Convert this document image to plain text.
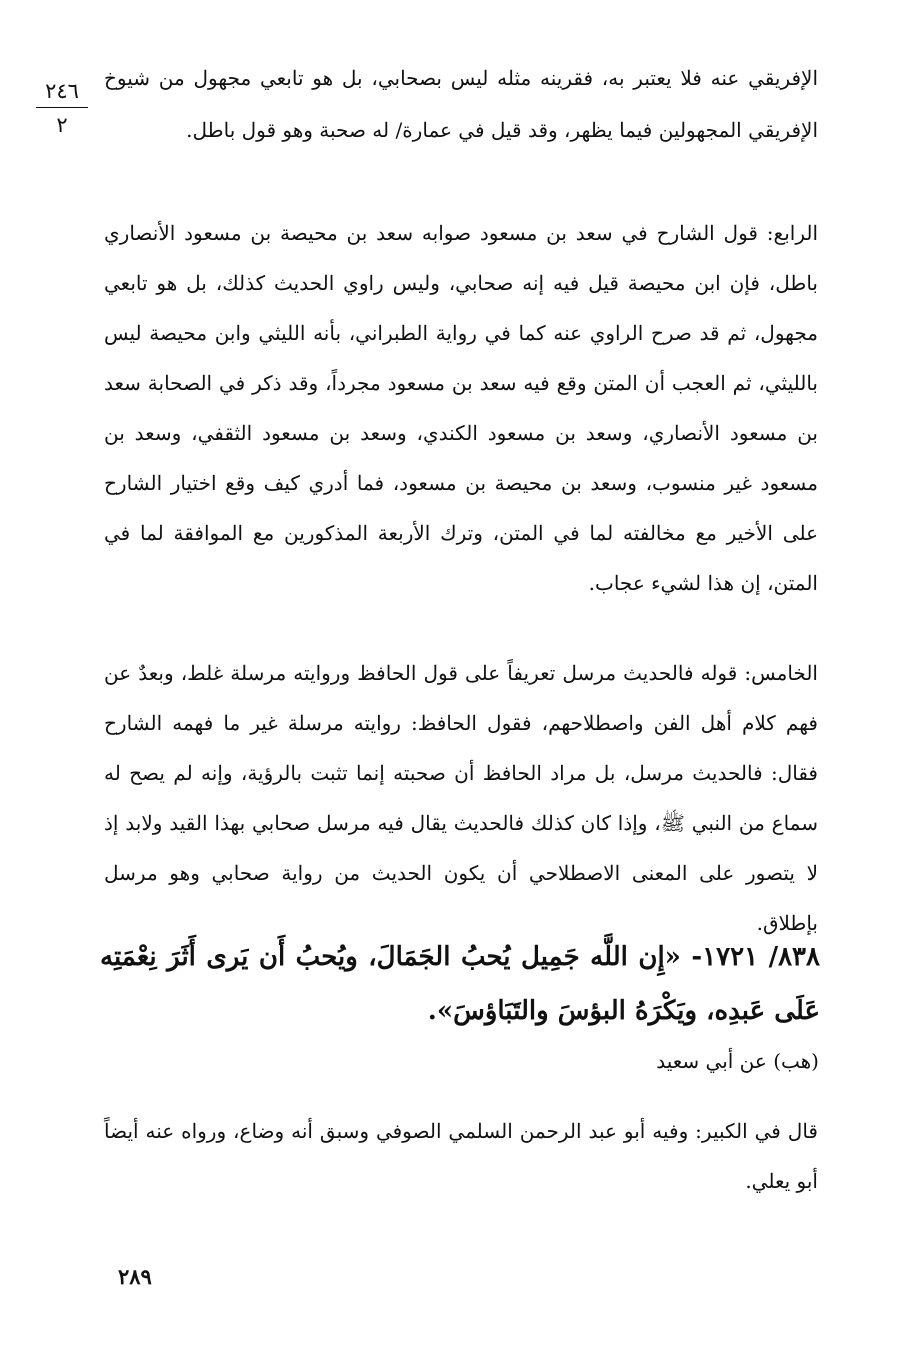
٢٤٦
٢
الإفريقي عنه فلا يعتبر به، فقرينه مثله ليس بصحابي، بل هو تابعي مجهول من شيوخ الإفريقي المجهولين فيما يظهر، وقد قيل في عمارة/ له صحبة وهو قول باطل.
الرابع: قول الشارح في سعد بن مسعود صوابه سعد بن محيصة بن مسعود الأنصاري باطل، فإن ابن محيصة قيل فيه إنه صحابي، وليس راوي الحديث كذلك، بل هو تابعي مجهول، ثم قد صرح الراوي عنه كما في رواية الطبراني، بأنه الليثي وابن محيصة ليس بالليثي، ثم العجب أن المتن وقع فيه سعد بن مسعود مجرداً، وقد ذكر في الصحابة سعد بن مسعود الأنصاري، وسعد بن مسعود الكندي، وسعد بن مسعود الثقفي، وسعد بن مسعود غير منسوب، وسعد بن محيصة بن مسعود، فما أدري كيف وقع اختيار الشارح على الأخير مع مخالفته لما في المتن، وترك الأربعة المذكورين مع الموافقة لما في المتن، إن هذا لشيء عجاب.
الخامس: قوله فالحديث مرسل تعريفاً على قول الحافظ وروايته مرسلة غلط، وبعدٌ عن فهم كلام أهل الفن واصطلاحهم، فقول الحافظ: روايته مرسلة غير ما فهمه الشارح فقال: فالحديث مرسل، بل مراد الحافظ أن صحبته إنما تثبت بالرؤية، وإنه لم يصح له سماع من النبي ﷺ، وإذا كان كذلك فالحديث يقال فيه مرسل صحابي بهذا القيد ولابد إذ لا يتصور على المعنى الاصطلاحي أن يكون الحديث من رواية صحابي وهو مرسل بإطلاق.
٨٣٨/ ١٧٢١- «إِن اللَّه جَمِيل يُحبُ الجَمَالَ، ويُحبُ أَن يَرى أَثَرَ نِعْمَتِه عَلَى عَبدِه، ويَكْرَهُ البؤسَ والتَبَاؤسَ».
(هب) عن أبي سعيد
قال في الكبير: وفيه أبو عبد الرحمن السلمي الصوفي وسبق أنه وضاع، ورواه عنه أيضاً أبو يعلي.
٢٨٩
